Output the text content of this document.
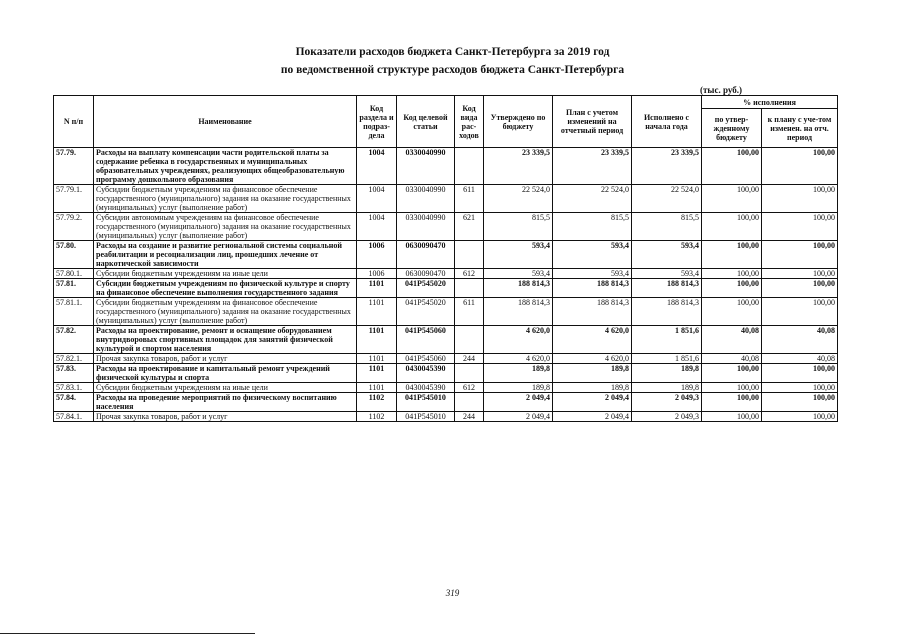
Показатели расходов бюджета Санкт-Петербурга за 2019 год
по ведомственной структуре расходов бюджета Санкт-Петербурга
(тыс. руб.)
N п/п	Наименование	Код раздела и подраз-дела	Код целевой статьи	Код вида рас-ходов	Утверждено по бюджету	План с учетом изменений на отчетный период	Исполнено с начала года	% исполнения	
								по утвер-жденному бюджету	к плану с уче-том изменен. на отч. период
57.79.	Расходы на выплату компенсации части родительской платы за содержание ребенка в государственных и муниципальных образовательных учреждениях, реализующих общеобразовательную программу дошкольного образования	1004	0330040990		23 339,5	23 339,5	23 339,5	100,00	100,00
57.79.1.	Субсидии бюджетным учреждениям на финансовое обеспечение государственного (муниципального) задания на оказание государственных (муниципальных) услуг (выполнение работ)	1004	0330040990	611	22 524,0	22 524,0	22 524,0	100,00	100,00
57.79.2.	Субсидии автономным учреждениям на финансовое обеспечение государственного (муниципального) задания на оказание государственных (муниципальных) услуг (выполнение работ)	1004	0330040990	621	815,5	815,5	815,5	100,00	100,00
57.80.	Расходы на создание и развитие региональной системы социальной реабилитации и ресоциализации лиц, прошедших лечение от наркотической зависимости	1006	0630090470		593,4	593,4	593,4	100,00	100,00
57.80.1.	Субсидии бюджетным учреждениям на иные цели	1006	0630090470	612	593,4	593,4	593,4	100,00	100,00
57.81.	Субсидии бюджетным учреждениям по физической культуре и спорту на финансовое обеспечение выполнения государственного задания	1101	041P545020		188 814,3	188 814,3	188 814,3	100,00	100,00
57.81.1.	Субсидии бюджетным учреждениям на финансовое обеспечение государственного (муниципального) задания на оказание государственных (муниципальных) услуг (выполнение работ)	1101	041P545020	611	188 814,3	188 814,3	188 814,3	100,00	100,00
57.82.	Расходы на проектирование, ремонт и оснащение оборудованием внутридворовых спортивных площадок для занятий физической культурой и спортом населения	1101	041P545060		4 620,0	4 620,0	1 851,6	40,08	40,08
57.82.1.	Прочая закупка товаров, работ и услуг	1101	041P545060	244	4 620,0	4 620,0	1 851,6	40,08	40,08
57.83.	Расходы на проектирование и капитальный ремонт учреждений физической культуры и спорта	1101	0430045390		189,8	189,8	189,8	100,00	100,00
57.83.1.	Субсидии бюджетным учреждениям на иные цели	1101	0430045390	612	189,8	189,8	189,8	100,00	100,00
57.84.	Расходы на проведение мероприятий по физическому воспитанию населения	1102	041P545010		2 049,4	2 049,4	2 049,3	100,00	100,00
57.84.1.	Прочая закупка товаров, работ и услуг	1102	041P545010	244	2 049,4	2 049,4	2 049,3	100,00	100,00
319
